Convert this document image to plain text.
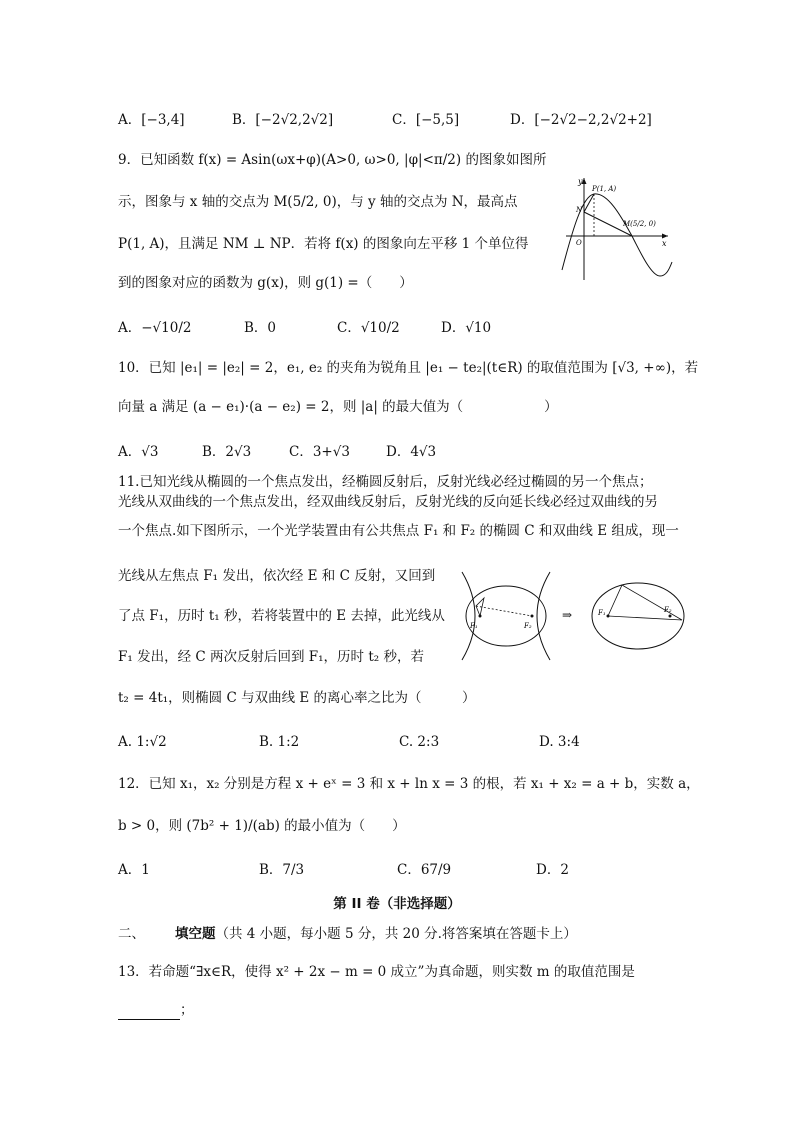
A．[−3,4]	B．[−2√2,2√2]	C．[−5,5]	D．[−2√2−2,2√2+2]
9．已知函数 f(x) = Asin(ωx+φ)(A>0, ω>0, |φ|<π/2) 的图象如图所
示，图象与 x 轴的交点为 M(5/2, 0)，与 y 轴的交点为 N，最高点
P(1, A)，且满足 NM ⊥ NP．若将 f(x) 的图象向左平移 1 个单位得
到的图象对应的函数为 g(x)，则 g(1) =（　　）
y
x
O
N
P(1, A)
M(5/2, 0)
A．−√10/2	B．0	C．√10/2	D．√10
10．已知 |e₁| = |e₂| = 2，e₁, e₂ 的夹角为锐角且 |e₁ − te₂|(t∈R) 的取值范围为 [√3, +∞)，若
向量 a 满足 (a − e₁)·(a − e₂) = 2，则 |a| 的最大值为（　　　　　　）
A．√3	B．2√3	C．3+√3	D．4√3
11.已知光线从椭圆的一个焦点发出，经椭圆反射后，反射光线必经过椭圆的另一个焦点；
光线从双曲线的一个焦点发出，经双曲线反射后，反射光线的反向延长线必经过双曲线的另
一个焦点.如下图所示，一个光学装置由有公共焦点 F₁ 和 F₂ 的椭圆 C 和双曲线 E 组成，现一
光线从左焦点 F₁ 发出，依次经 E 和 C 反射，又回到
了点 F₁，历时 t₁ 秒，若将装置中的 E 去掉，此光线从
F₁ 发出，经 C 两次反射后回到 F₁，历时 t₂ 秒，若
t₂ = 4t₁，则椭圆 C 与双曲线 E 的离心率之比为（　　　）
F₁	F₂
⇒	F₁	F₂
A. 1:√2	B. 1:2	C. 2:3	D. 3:4
12．已知 x₁，x₂ 分别是方程 x + eˣ = 3 和 x + ln x = 3 的根，若 x₁ + x₂ = a + b，实数 a，
b > 0，则 (7b² + 1)/(ab) 的最小值为（　　）
A．1	B．7/3	C．67/9	D．2
第 II 卷（非选择题）
二、 填空题（共 4 小题，每小题 5 分，共 20 分.将答案填在答题卡上）
13．若命题“∃x∈R，使得 x² + 2x − m = 0 成立”为真命题，则实数 m 的取值范围是
；
